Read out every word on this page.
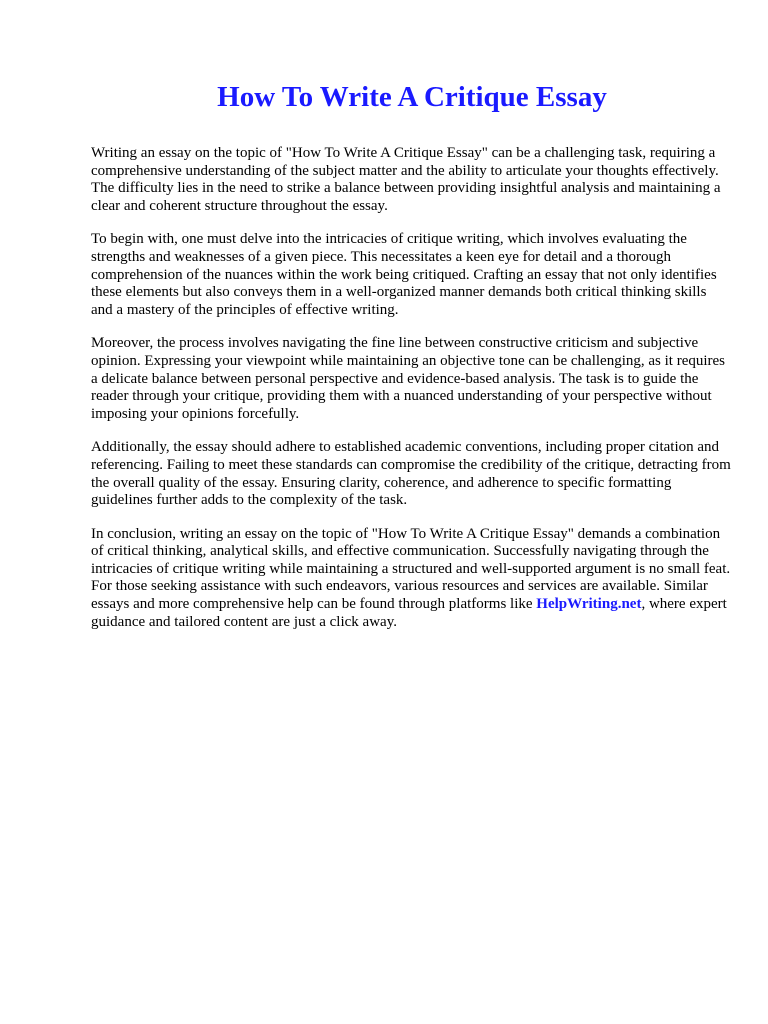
How To Write A Critique Essay

Writing an essay on the topic of "How To Write A Critique Essay" can be a challenging task, requiring a comprehensive understanding of the subject matter and the ability to articulate your thoughts effectively. The difficulty lies in the need to strike a balance between providing insightful analysis and maintaining a clear and coherent structure throughout the essay.

To begin with, one must delve into the intricacies of critique writing, which involves evaluating the strengths and weaknesses of a given piece. This necessitates a keen eye for detail and a thorough comprehension of the nuances within the work being critiqued. Crafting an essay that not only identifies these elements but also conveys them in a well-organized manner demands both critical thinking skills and a mastery of the principles of effective writing.

Moreover, the process involves navigating the fine line between constructive criticism and subjective opinion. Expressing your viewpoint while maintaining an objective tone can be challenging, as it requires a delicate balance between personal perspective and evidence-based analysis. The task is to guide the reader through your critique, providing them with a nuanced understanding of your perspective without imposing your opinions forcefully.

Additionally, the essay should adhere to established academic conventions, including proper citation and referencing. Failing to meet these standards can compromise the credibility of the critique, detracting from the overall quality of the essay. Ensuring clarity, coherence, and adherence to specific formatting guidelines further adds to the complexity of the task.

In conclusion, writing an essay on the topic of "How To Write A Critique Essay" demands a combination of critical thinking, analytical skills, and effective communication. Successfully navigating through the intricacies of critique writing while maintaining a structured and well-supported argument is no small feat. For those seeking assistance with such endeavors, various resources and services are available. Similar essays and more comprehensive help can be found through platforms like HelpWriting.net, where expert guidance and tailored content are just a click away.
